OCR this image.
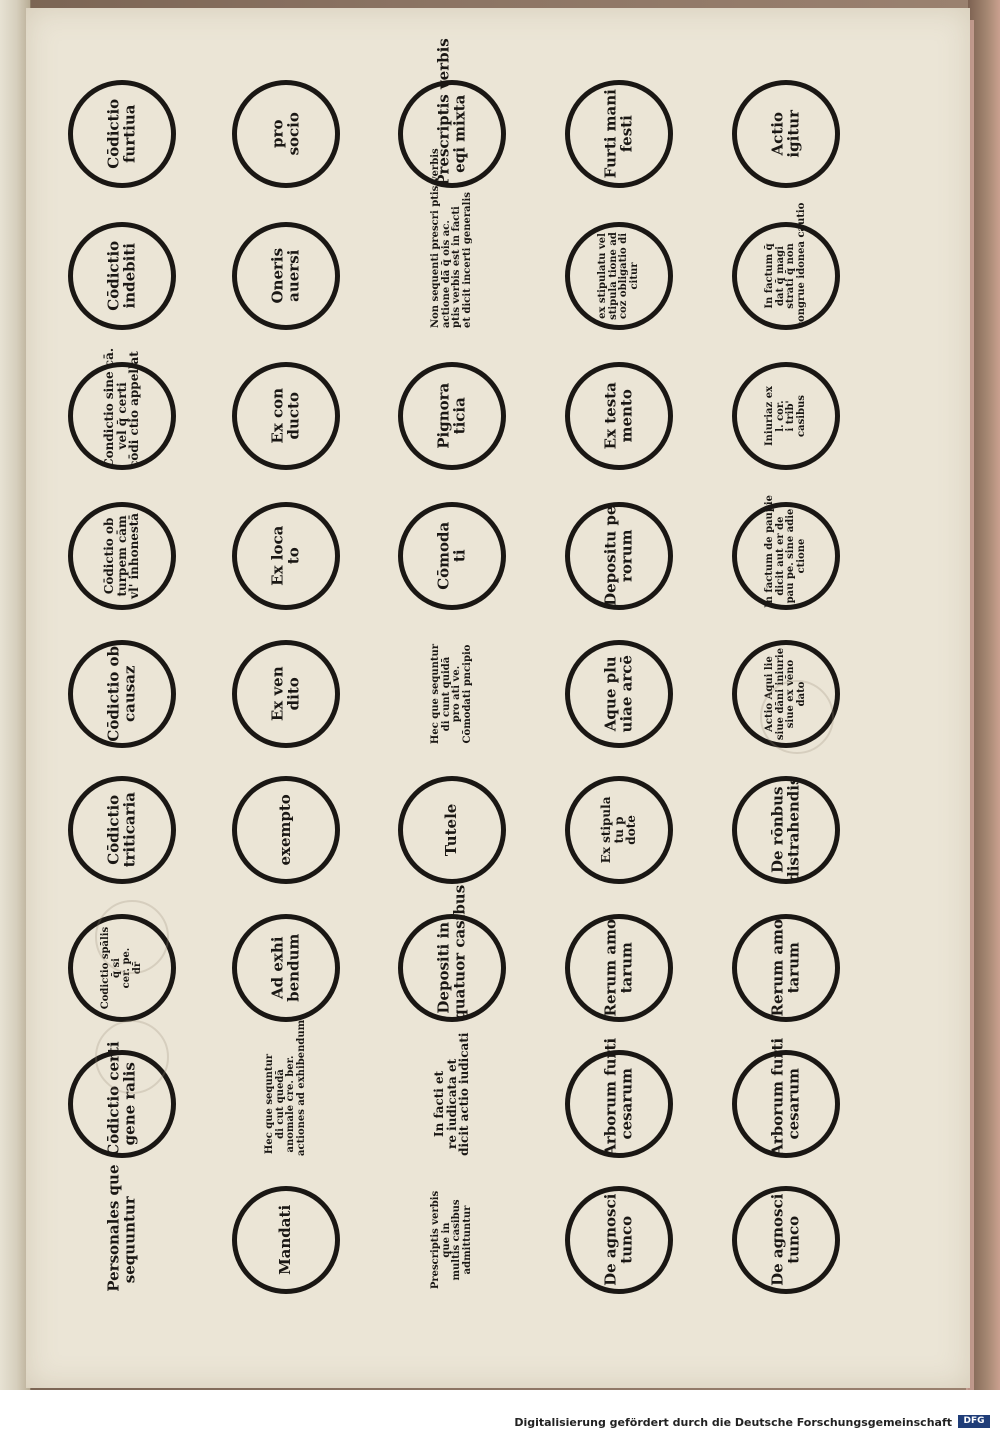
Cōdictio
furtiua
Cōdictio
indebiti
Condictio sine cā.
vel q̄ certi
cōdi ctio appellat
Cōdictio ob
turpem cām
vl' inhonestā
Cōdictio ob
causaz
Cōdictio
triticaria
Codictio spālis q̄ si cer. pe. dr̄
Cōdictio certi
gene ralis
Personales que
sequuntur
pro
socio
Oneris
auersi
Ex con
ducto
Ex loca
to
Ex ven
dito
exempto
Ad exhi
bendum
Hec que sequntur di cut quedā anomale cre. ber. actiones ad exhibendum
Mandati
Prescriptis verbis
eqi mixta
Non sequenti prescri ptis verbis actione dā̄ q̄ ois ac. ptis verbis est in facti et dicit incerti generalis
Pignora
ticia
Cōmoda
ti
Hec que sequntur di cunt quidā pro ati ve. Cōmodati pncipio
Tutele
Depositi in
quatuor casibus
In facti et
re iudicata et
dicit actio iudicati
Prescriptis verbis que in multis casibus admittuntur
Furti mani
festi
ex stipulatu vel stipula tione ad coz obligatio di citur
Ex testa
mento
Depositu pe
rorum
Aque plu
uiae arcē
Ex stipula
tu p
dote
Rerum amo
tarum
Arborum furti
cesarum
De agnosci
tunco
Actio
igitur
In factum q̄ dat q̄ magi strati q̄ non congrue idonea cautio
Iniuriaz ex l. cor. i trib' casibus
In factum de paupie dicit aut er de pau pe. sine adie ctione
Actio Aqui lie siue dāni iniurie siue ex vēno dato
De rōnbus
distrahendis
Rerum amo
tarum
Arborum furti
cesarum
De agnosci
tunco
Digitalisierung gefördert durch die Deutsche Forschungsgemeinschaft	DFG
